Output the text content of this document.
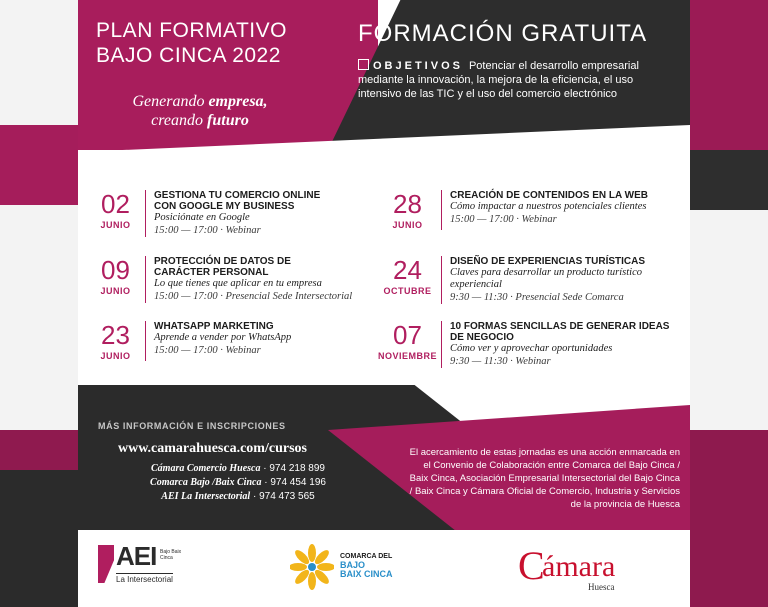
PLAN FORMATIVO
BAJO CINCA 2022
Generando empresa,
creando futuro
FORMACIÓN GRATUITA
OBJETIVOS Potenciar el desarrollo empresarial mediante la innovación, la mejora de la eficiencia, el uso intensivo de las TIC y el uso del comercio electrónico
02
JUNIO
GESTIONA TU COMERCIO ONLINE CON GOOGLE MY BUSINESS
Posiciónate en Google
15:00 — 17:00 · Webinar
09
JUNIO
PROTECCIÓN DE DATOS DE CARÁCTER PERSONAL
Lo que tienes que aplicar en tu empresa
15:00 — 17:00 · Presencial Sede Intersectorial
23
JUNIO
WHATSAPP MARKETING
Aprende a vender por WhatsApp
15:00 — 17:00 · Webinar
28
JUNIO
CREACIÓN DE CONTENIDOS EN LA WEB
Cómo impactar a nuestros potenciales clientes
15:00 — 17:00 · Webinar
24
OCTUBRE
DISEÑO DE EXPERIENCIAS TURÍSTICAS
Claves para desarrollar un producto turístico experiencial
9:30 — 11:30 · Presencial Sede Comarca
07
NOVIEMBRE
10 FORMAS SENCILLAS DE GENERAR IDEAS DE NEGOCIO
Cómo ver y aprovechar oportunidades
9:30 — 11:30 · Webinar
MÁS INFORMACIÓN E INSCRIPCIONES
www.camarahuesca.com/cursos
Cámara Comercio Huesca · 974 218 899
Comarca Bajo /Baix Cinca · 974 454 196
AEI La Intersectorial · 974 473 565
El acercamiento de estas jornadas es una acción enmarcada en el Convenio de Colaboración entre Comarca del Bajo Cinca / Baix Cinca, Asociación Empresarial Intersectorial del Bajo Cinca / Baix Cinca y Cámara Oficial de Comercio, Industria y Servicios de la provincia de Huesca
AEI Bajo Baix Cinca
La Intersectorial
COMARCA DEL
BAJO
BAIX CINCA	C
ámara
Huesca
